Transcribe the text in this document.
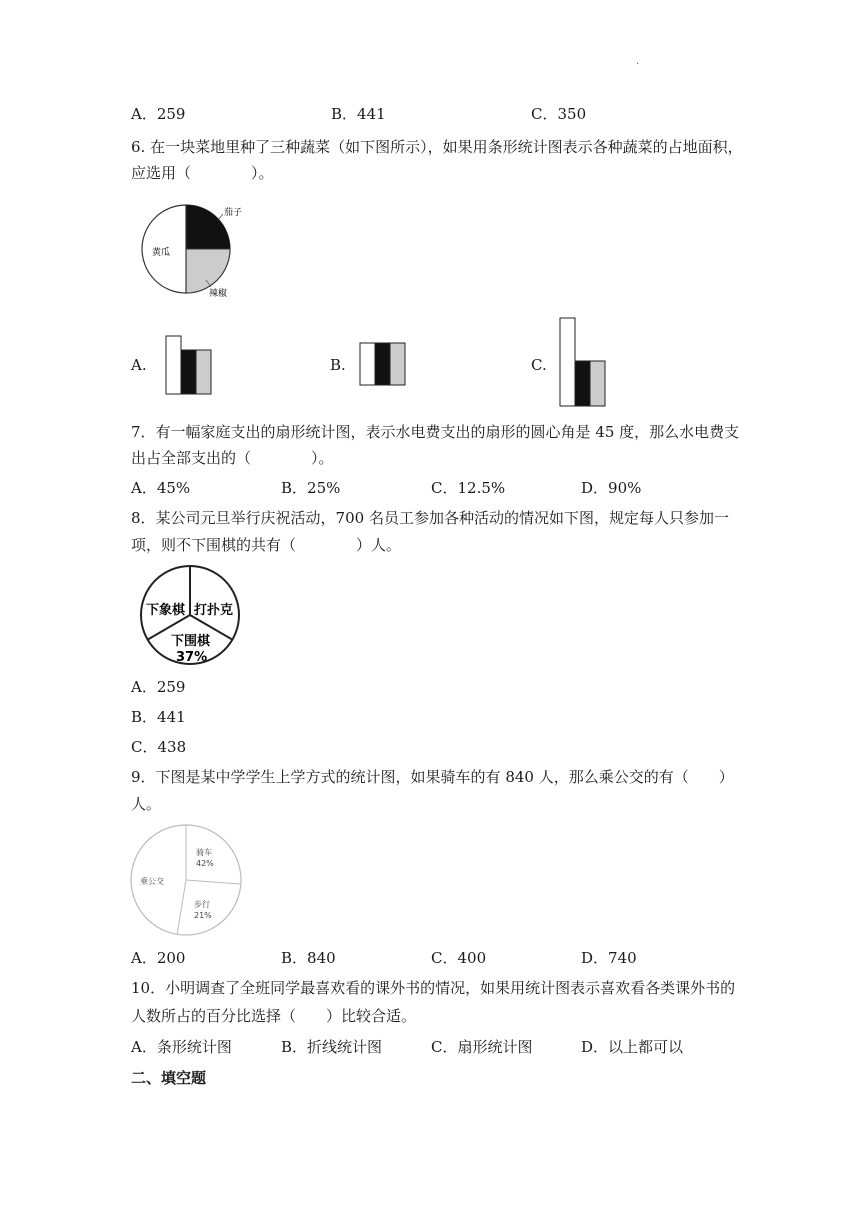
.
A．259	B．441	C．350
6. 在一块菜地里种了三种蔬菜（如下图所示），如果用条形统计图表示各种蔬菜的占地面积，
应选用（　　　　）。
茄子
黄瓜
辣椒
A.	B.	C.
7．有一幅家庭支出的扇形统计图，表示水电费支出的扇形的圆心角是 45 度，那么水电费支
出占全部支出的（　　　　）。
A．45%	B．25%	C．12.5%	D．90%
8．某公司元旦举行庆祝活动，700 名员工参加各种活动的情况如下图，规定每人只参加一
项，则不下围棋的共有（　　　　）人。
下象棋 打扑克
下围棋
37%
A．259
B．441
C．438
9．下图是某中学学生上学方式的统计图，如果骑车的有 840 人，那么乘公交的有（　　）
人。
骑车
42%
乘公交
步行
21%
A．200	B．840	C．400	D．740
10．小明调查了全班同学最喜欢看的课外书的情况，如果用统计图表示喜欢看各类课外书的
人数所占的百分比选择（　　）比较合适。
A．条形统计图	B．折线统计图	C．扇形统计图	D．以上都可以
二、填空题
